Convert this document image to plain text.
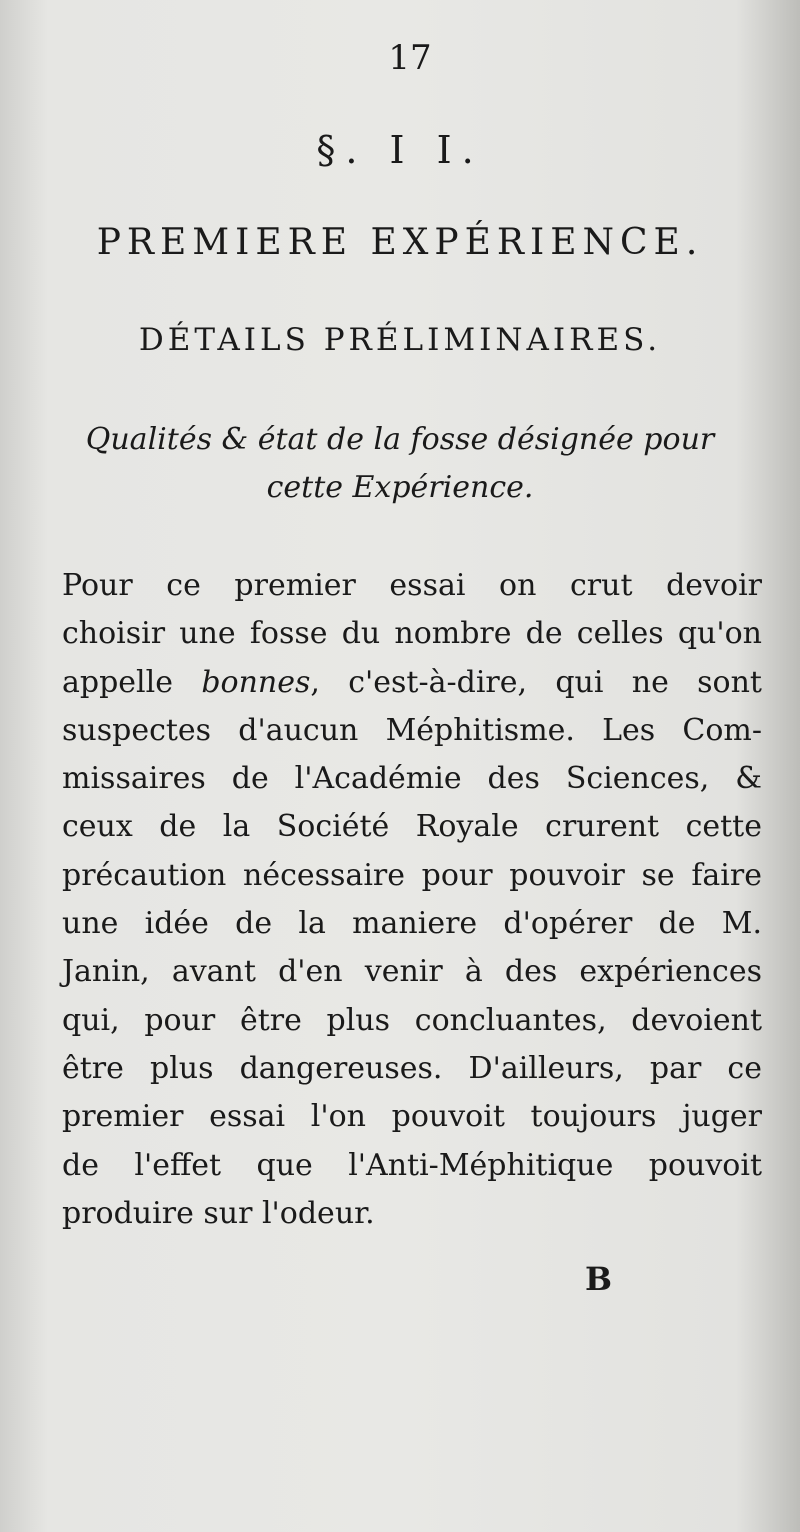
17
§. I I.
PREMIERE EXPÉRIENCE.
DÉTAILS PRÉLIMINAIRES.
Qualités & état de la fosse désignée pour
cette Expérience.
Pour ce premier essai on crut devoir
choisir une fosse du nombre de celles qu'on
appelle bonnes, c'est-à-dire, qui ne sont
suspectes d'aucun Méphitisme. Les Com-
missaires de l'Académie des Sciences, &
ceux de la Société Royale crurent cette
précaution nécessaire pour pouvoir se faire
une idée de la maniere d'opérer de M.
Janin, avant d'en venir à des expériences
qui, pour être plus concluantes, devoient
être plus dangereuses. D'ailleurs, par ce
premier essai l'on pouvoit toujours juger
de l'effet que l'Anti-Méphitique pouvoit
produire sur l'odeur.
B
